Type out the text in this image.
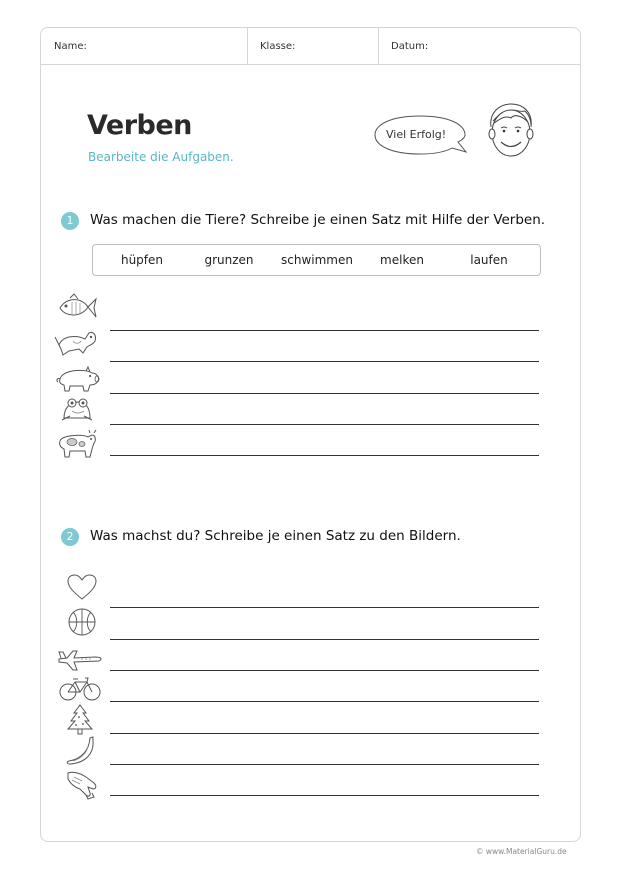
Name:	Klasse:	Datum:
Verben
Bearbeite die Aufgaben.
Viel Erfolg!
1	Was machen die Tiere? Schreibe je einen Satz mit Hilfe der Verben.
hüpfen	grunzen	schwimmen	melken	laufen
2	Was machst du? Schreibe je einen Satz zu den Bildern.
© www.MaterialGuru.de
